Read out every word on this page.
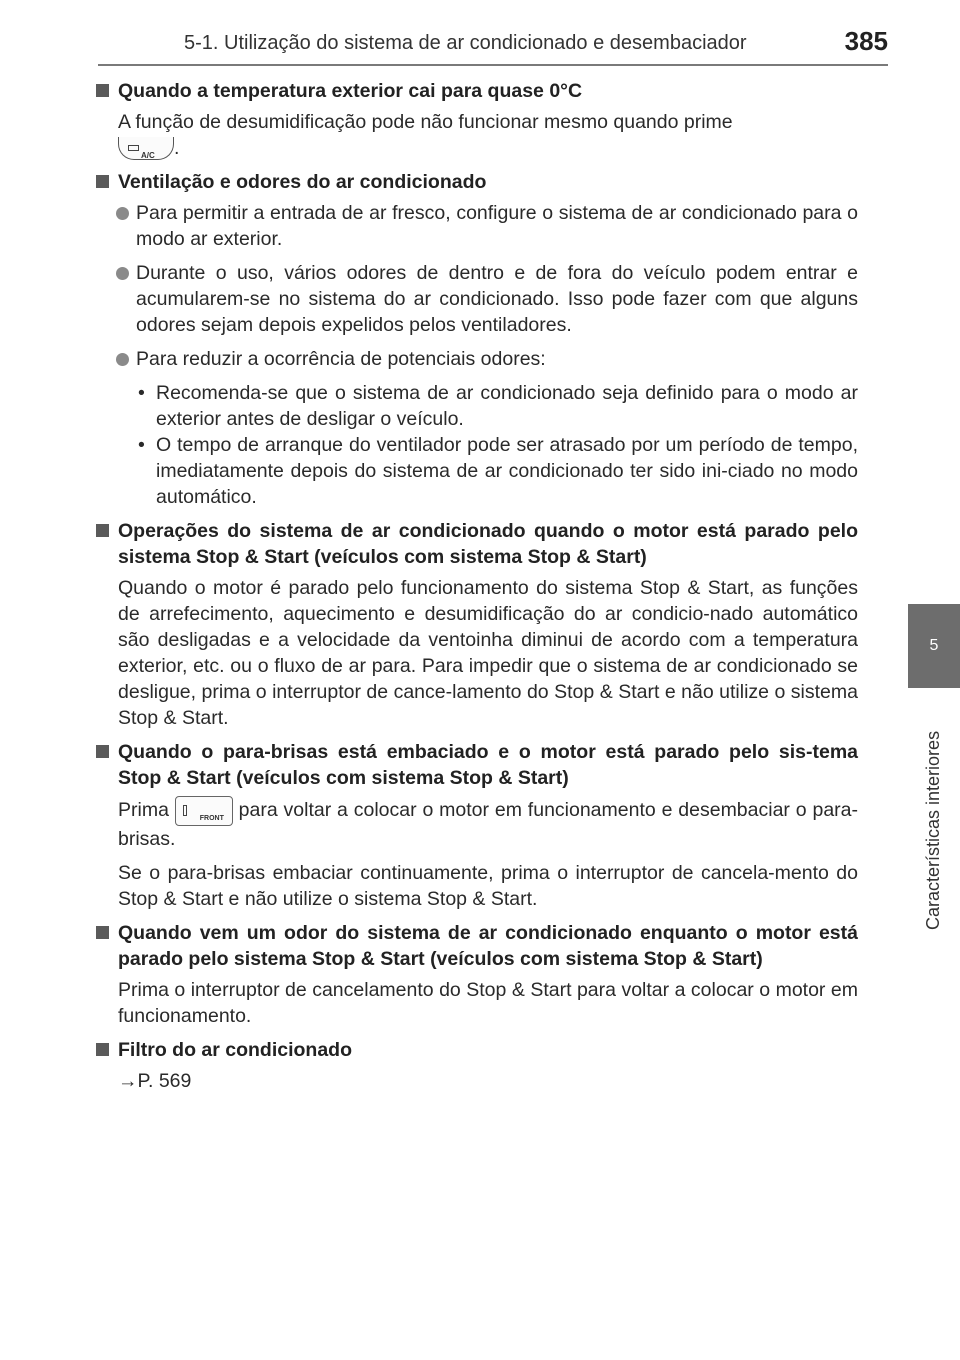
5-1. Utilização do sistema de ar condicionado e desembaciador	385
5
Características interiores
Quando a temperatura exterior cai para quase 0°C
A função de desumidificação pode não funcionar mesmo quando prime

A/C .
Ventilação e odores do ar condicionado
Para permitir a entrada de ar fresco, configure o sistema de ar condicionado para o modo ar exterior.
Durante o uso, vários odores de dentro e de fora do veículo podem entrar e acumularem-se no sistema do ar condicionado. Isso pode fazer com que alguns odores sejam depois expelidos pelos ventiladores.
Para reduzir a ocorrência de potenciais odores:
• Recomenda-se que o sistema de ar condicionado seja definido para o modo ar exterior antes de desligar o veículo.
• O tempo de arranque do ventilador pode ser atrasado por um período de tempo, imediatamente depois do sistema de ar condicionado ter sido ini-ciado no modo automático.
Operações do sistema de ar condicionado quando o motor está parado pelo sistema Stop & Start (veículos com sistema Stop & Start)
Quando o motor é parado pelo funcionamento do sistema Stop & Start, as funções de arrefecimento, aquecimento e desumidificação do ar condicio-nado automático são desligadas e a velocidade da ventoinha diminui de acordo com a temperatura exterior, etc. ou o fluxo de ar para. Para impedir que o sistema de ar condicionado se desligue, prima o interruptor de cance-lamento do Stop & Start e não utilize o sistema Stop & Start.
Quando o para-brisas está embaciado e o motor está parado pelo sis-tema Stop & Start (veículos com sistema Stop & Start)
Prima	FRONT para voltar a colocar o motor em funcionamento e desembaciar o para-brisas.
Se o para-brisas embaciar continuamente, prima o interruptor de cancela-mento do Stop & Start e não utilize o sistema Stop & Start.
Quando vem um odor do sistema de ar condicionado enquanto o motor está parado pelo sistema Stop & Start (veículos com sistema Stop & Start)
Prima o interruptor de cancelamento do Stop & Start para voltar a colocar o motor em funcionamento.
Filtro do ar condicionado
→P. 569
